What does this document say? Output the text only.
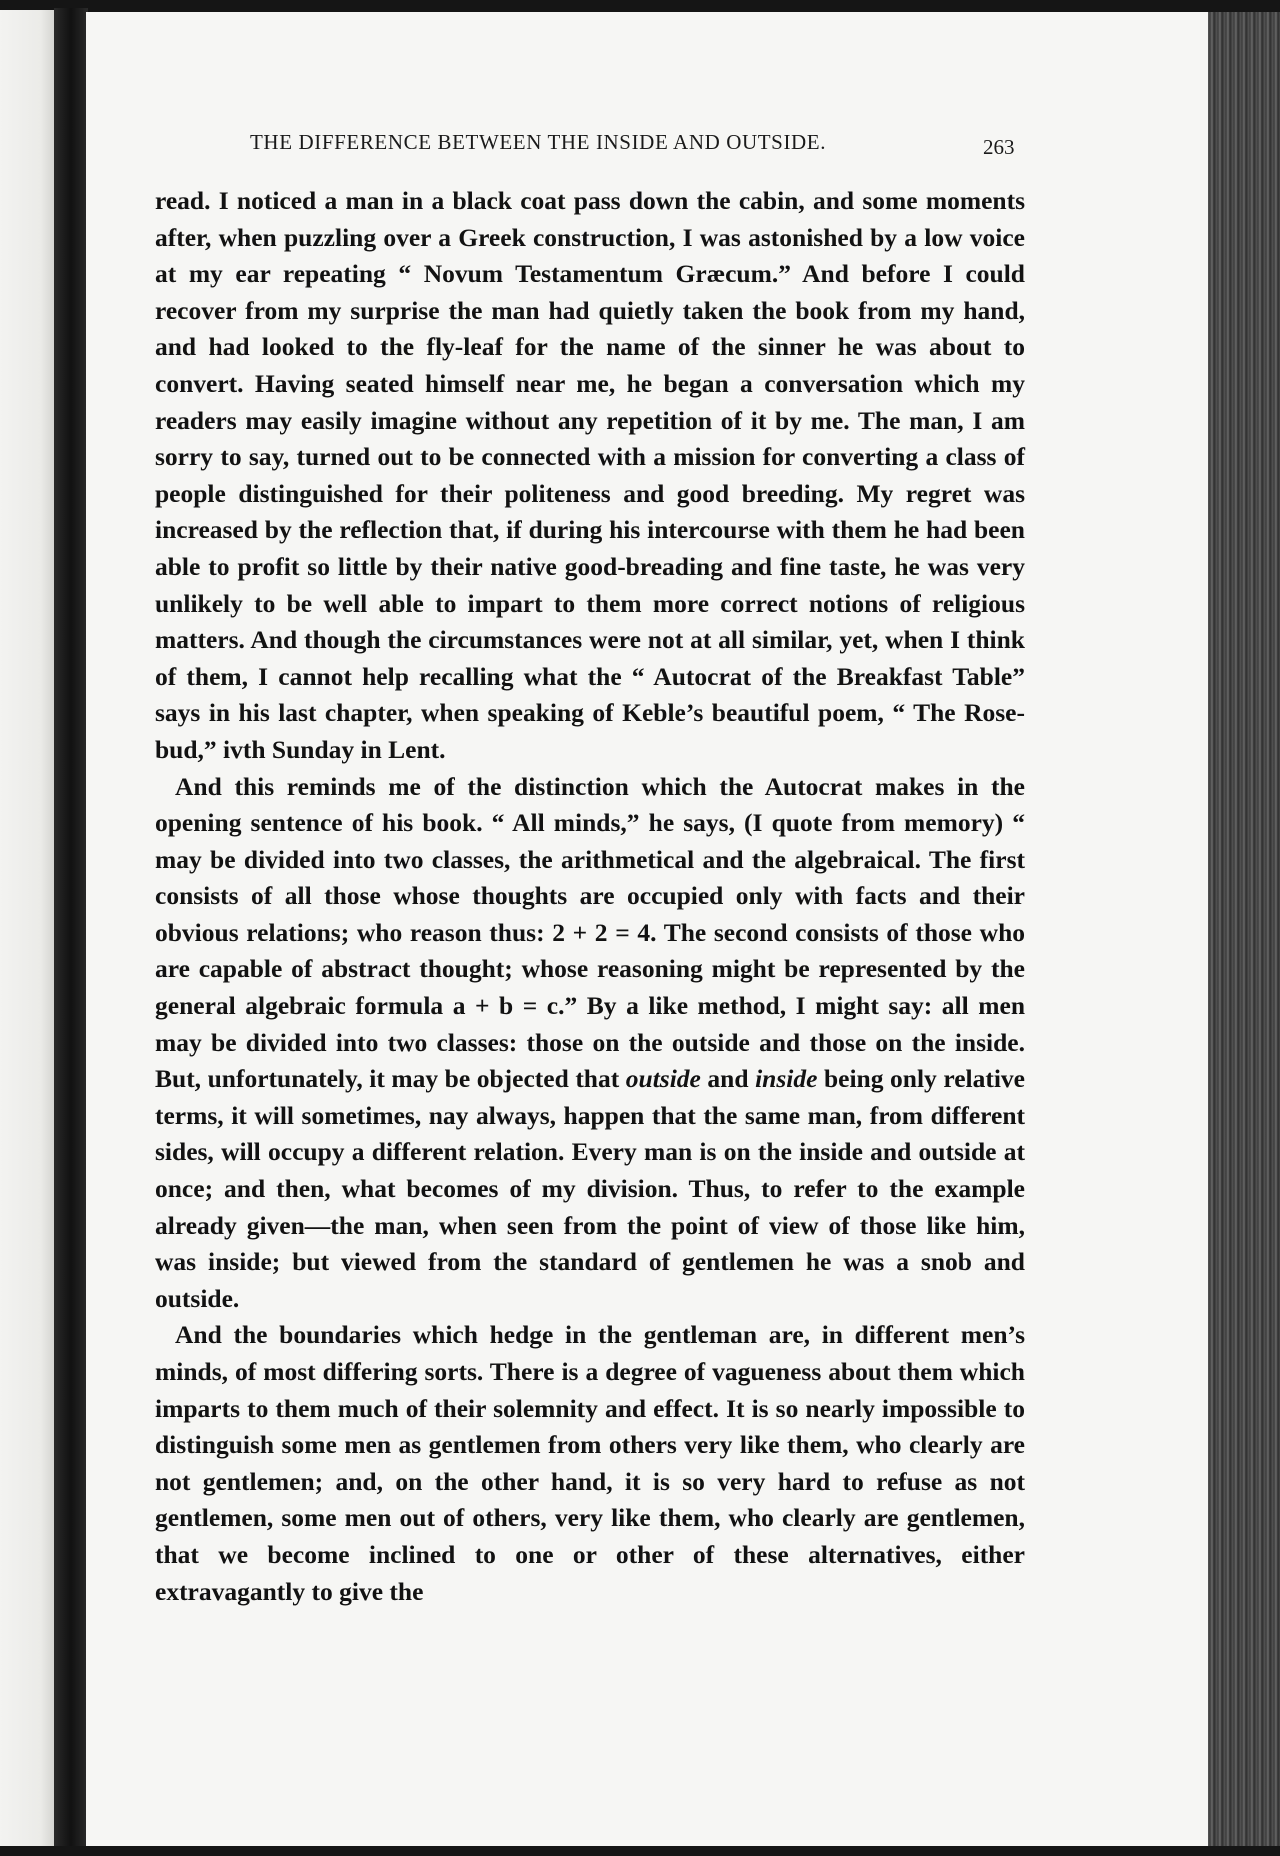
THE DIFFERENCE BETWEEN THE INSIDE AND OUTSIDE.	263

read. I noticed a man in a black coat pass down the cabin, and some moments after, when puzzling over a Greek construction, I was astonished by a low voice at my ear repeating “ Novum Testamentum Græcum.” And before I could recover from my surprise the man had quietly taken the book from my hand, and had looked to the fly-leaf for the name of the sinner he was about to convert. Having seated himself near me, he began a conversation which my readers may easily imagine without any repetition of it by me. The man, I am sorry to say, turned out to be connected with a mission for converting a class of people distinguished for their politeness and good breeding. My regret was increased by the reflection that, if during his intercourse with them he had been able to profit so little by their native good-breading and fine taste, he was very unlikely to be well able to impart to them more correct notions of religious matters. And though the circumstances were not at all similar, yet, when I think of them, I cannot help recalling what the “ Autocrat of the Breakfast Table” says in his last chapter, when speaking of Keble’s beautiful poem, “ The Rose-bud,” ivth Sunday in Lent.

And this reminds me of the distinction which the Autocrat makes in the opening sentence of his book. “ All minds,” he says, (I quote from memory) “ may be divided into two classes, the arithmetical and the algebraical. The first consists of all those whose thoughts are occupied only with facts and their obvious relations; who reason thus: 2 + 2 = 4. The second consists of those who are capable of abstract thought; whose reasoning might be represented by the general algebraic formula a + b = c.” By a like method, I might say: all men may be divided into two classes: those on the outside and those on the inside. But, unfortunately, it may be objected that outside and inside being only relative terms, it will sometimes, nay always, happen that the same man, from different sides, will occupy a different relation. Every man is on the inside and outside at once; and then, what becomes of my division. Thus, to refer to the example already given—the man, when seen from the point of view of those like him, was inside; but viewed from the standard of gentlemen he was a snob and outside.

And the boundaries which hedge in the gentleman are, in different men’s minds, of most differing sorts. There is a degree of vagueness about them which imparts to them much of their solemnity and effect. It is so nearly impossible to distinguish some men as gentlemen from others very like them, who clearly are not gentlemen; and, on the other hand, it is so very hard to refuse as not gentlemen, some men out of others, very like them, who clearly are gentlemen, that we become inclined to one or other of these alternatives, either extravagantly to give the
